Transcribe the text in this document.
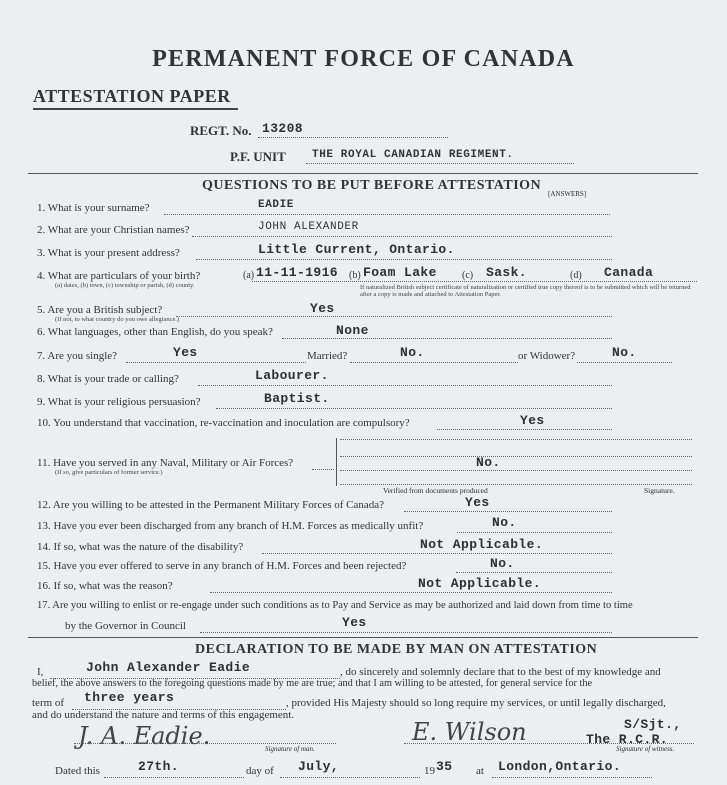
PERMANENT FORCE OF CANADA
ATTESTATION PAPER
REGT. No. 13208
P.F. UNIT THE ROYAL CANADIAN REGIMENT.
QUESTIONS TO BE PUT BEFORE ATTESTATION
[ANSWERS]
1. What is your surname?	EADIE
2. What are your Christian names?	JOHN ALEXANDER
3. What is your present address?	Little Current, Ontario.
4. What are particulars of your birth?
(a) dates, (b) town, (c) township or parish, (d) county.
(a) 11-11-1916 (b) Foam Lake	(c) Sask.	(d) Canada
If naturalized British subject certificate of naturalization or certified true copy thereof is to be submitted which will be returned after a copy is made and attached to Attestation Paper.
5. Are you a British subject?
(If not, to what country do you owe allegiance.)
Yes
6. What languages, other than English, do you speak?	None
7. Are you single?	Yes	Married?	No.	or Widower?	No.
8. What is your trade or calling?	Labourer.
9. What is your religious persuasion?	Baptist.
10. You understand that vaccination, re-vaccination and inoculation are compulsory?	Yes
11. Have you served in any Naval, Military or Air Forces?
(If so, give particulars of former service.)
No.
Verified from documents produced	Signature.
12. Are you willing to be attested in the Permanent Military Forces of Canada?	Yes
13. Have you ever been discharged from any branch of H.M. Forces as medically unfit?	No.
14. If so, what was the nature of the disability?	Not Applicable.
15. Have you ever offered to serve in any branch of H.M. Forces and been rejected?	No.
16. If so, what was the reason?	Not Applicable.
17. Are you willing to enlist or re-engage under such conditions as to Pay and Service as may be authorized and laid down from time to time
by the Governor in Council	Yes
DECLARATION TO BE MADE BY MAN ON ATTESTATION
I,	John Alexander Eadie	, do sincerely and solemnly declare that to the best of my knowledge and
belief, the above answers to the foregoing questions made by me are true; and that I am willing to be attested, for general service for the
term of three years	, provided His Majesty should so long require my services, or until legally discharged,
and do understand the nature and terms of this engagement.
J. A. Eadie.	Signature of man.
E. Wilson	S/Sjt.,
The R.C.R.
Signature of witness.
Dated this	27th.	day of July,	19 35 at London,Ontario.
